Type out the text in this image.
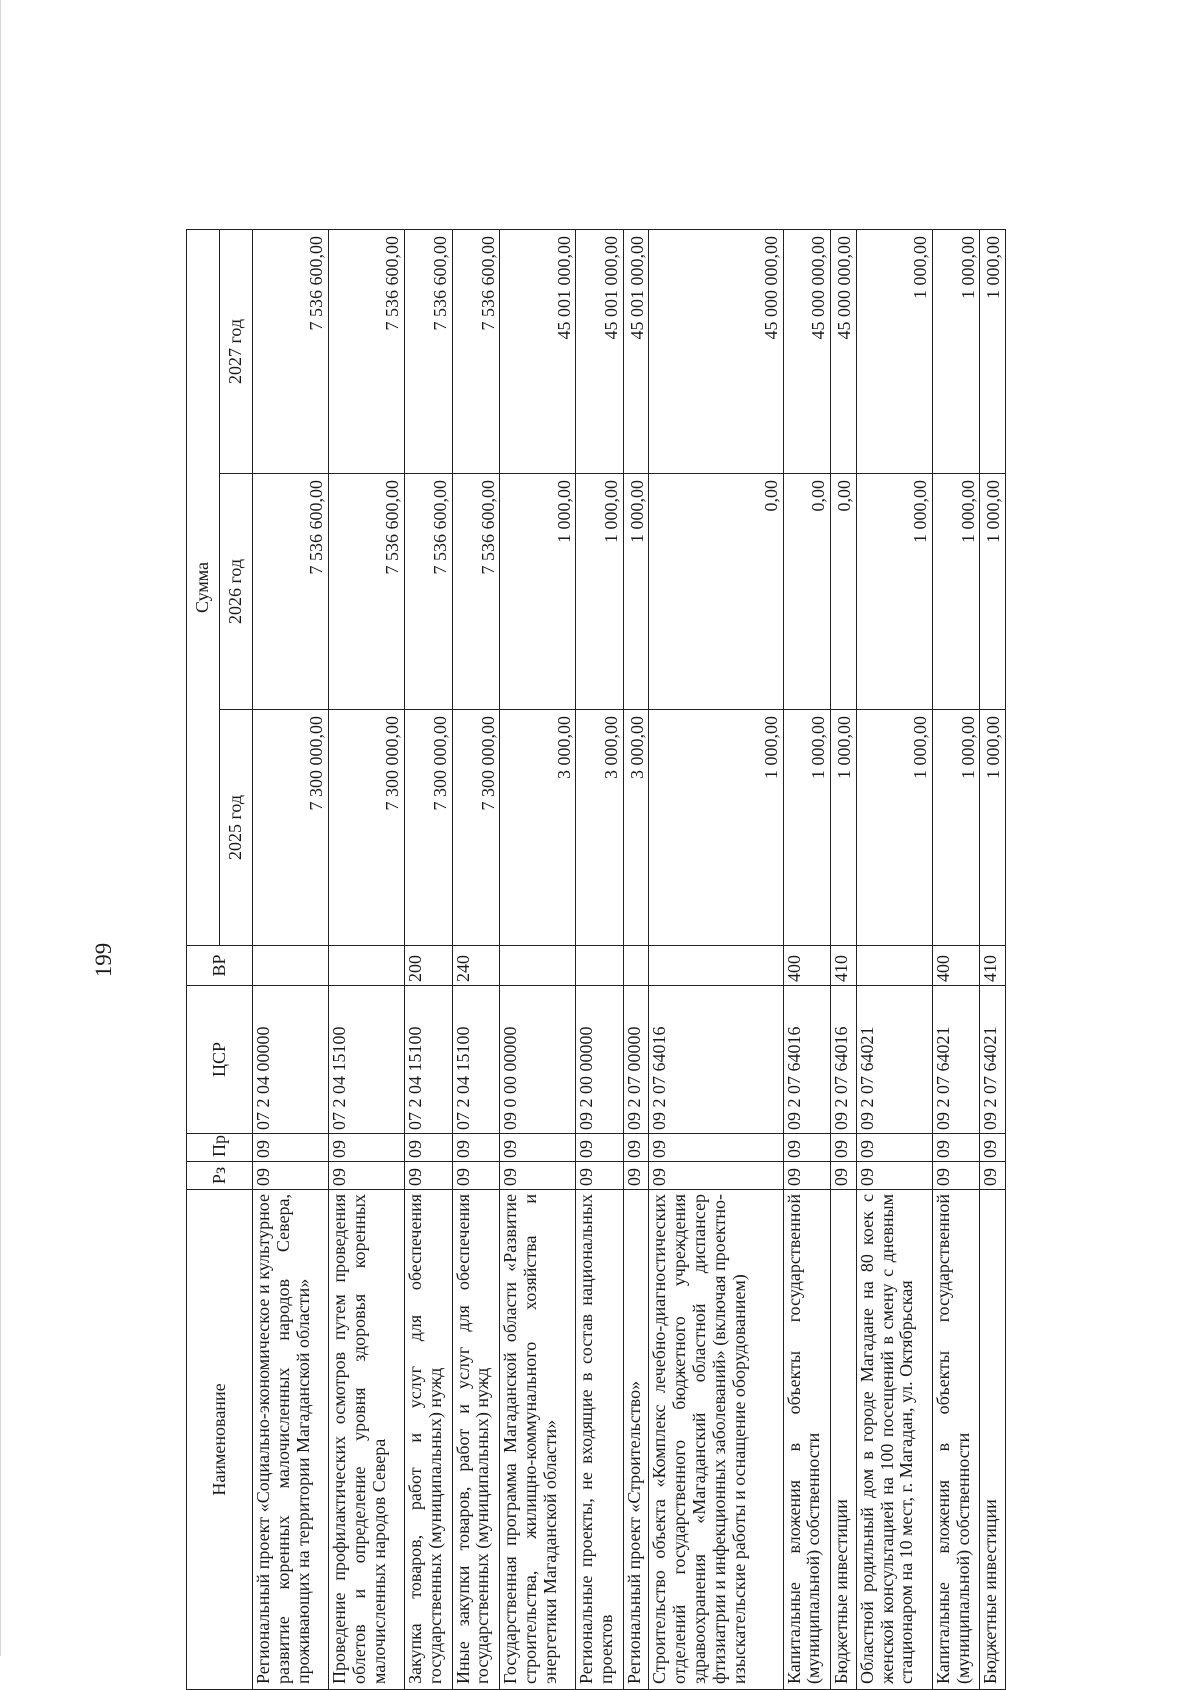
199
Наименование	Рз	Пр	ЦСР	ВР	Сумма		
					2025 год	2026 год	2027 год
Региональный проект «Социально-экономическое и культурное развитие коренных малочисленных народов Севера, проживающих на территории Магаданской области»	09	09	07 2 04 00000		7 300 000,00	7 536 600,00	7 536 600,00
Проведение профилактических осмотров путем проведения облетов и определение уровня здоровья коренных малочисленных народов Севера	09	09	07 2 04 15100		7 300 000,00	7 536 600,00	7 536 600,00
Закупка товаров, работ и услуг для обеспечения государственных (муниципальных) нужд	09	09	07 2 04 15100	200	7 300 000,00	7 536 600,00	7 536 600,00
Иные закупки товаров, работ и услуг для обеспечения государственных (муниципальных) нужд	09	09	07 2 04 15100	240	7 300 000,00	7 536 600,00	7 536 600,00
Государственная программа Магаданской области «Развитие строительства, жилищно-коммунального хозяйства и энергетики Магаданской области»	09	09	09 0 00 00000		3 000,00	1 000,00	45 001 000,00
Региональные проекты, не входящие в состав национальных проектов	09	09	09 2 00 00000		3 000,00	1 000,00	45 001 000,00
Региональный проект «Строительство»	09	09	09 2 07 00000		3 000,00	1 000,00	45 001 000,00
Строительство объекта «Комплекс лечебно-диагностических отделений государственного бюджетного учреждения здравоохранения «Магаданский областной диспансер фтизиатрии и инфекционных заболеваний» (включая проектно-изыскательские работы и оснащение оборудованием)	09	09	09 2 07 64016		1 000,00	0,00	45 000 000,00
Капитальные вложения в объекты государственной (муниципальной) собственности	09	09	09 2 07 64016	400	1 000,00	0,00	45 000 000,00
Бюджетные инвестиции	09	09	09 2 07 64016	410	1 000,00	0,00	45 000 000,00
Областной родильный дом в городе Магадане на 80 коек с женской консультацией на 100 посещений в смену с дневным стационаром на 10 мест, г. Магадан, ул. Октябрьская	09	09	09 2 07 64021		1 000,00	1 000,00	1 000,00
Капитальные вложения в объекты государственной (муниципальной) собственности	09	09	09 2 07 64021	400	1 000,00	1 000,00	1 000,00
Бюджетные инвестиции	09	09	09 2 07 64021	410	1 000,00	1 000,00	1 000,00
